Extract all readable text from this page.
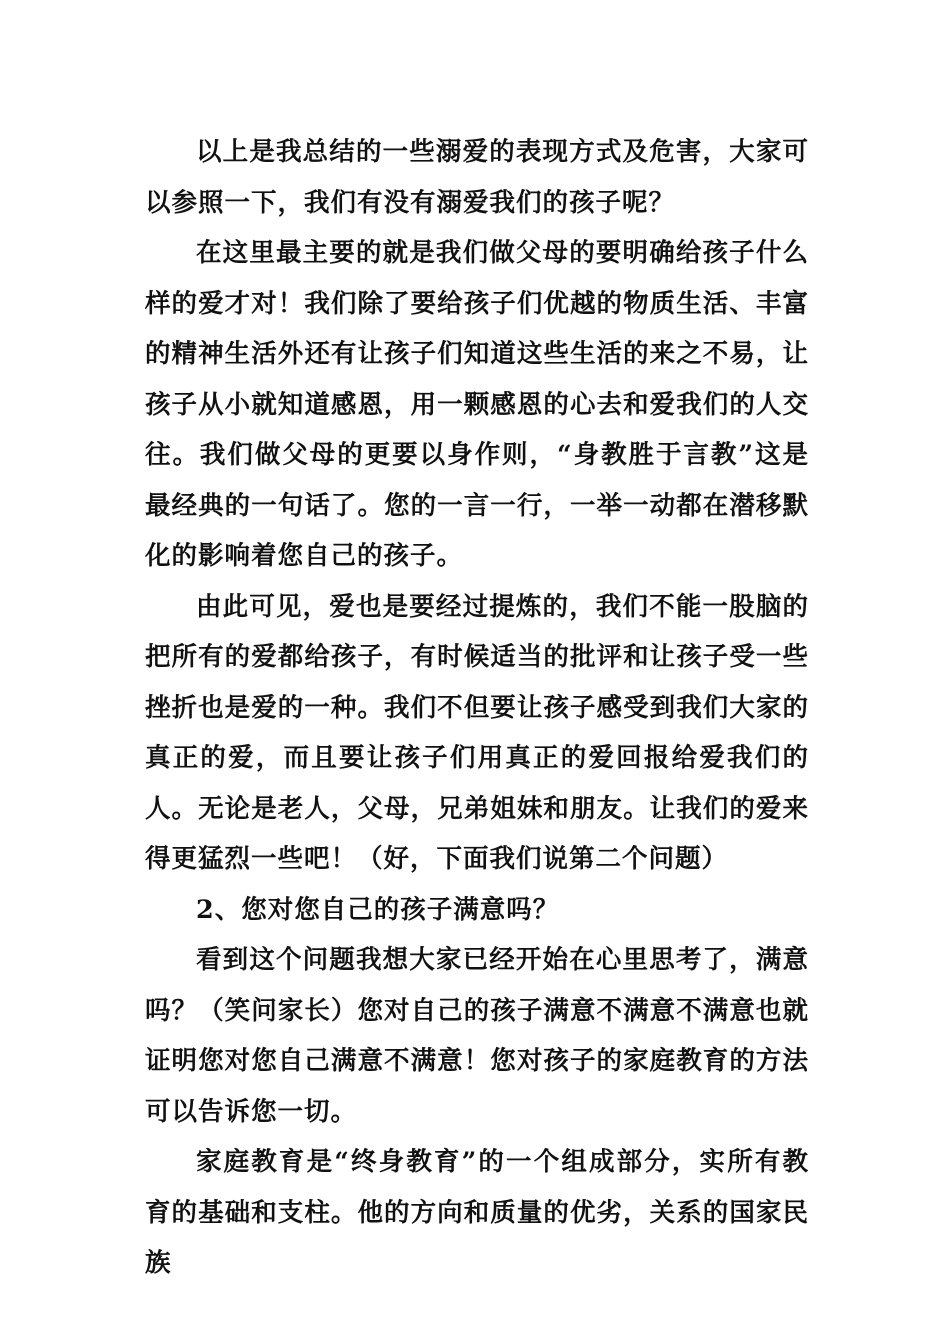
以上是我总结的一些溺爱的表现方式及危害，大家可以参照一下，我们有没有溺爱我们的孩子呢？

在这里最主要的就是我们做父母的要明确给孩子什么样的爱才对！我们除了要给孩子们优越的物质生活、丰富的精神生活外还有让孩子们知道这些生活的来之不易，让孩子从小就知道感恩，用一颗感恩的心去和爱我们的人交往。我们做父母的更要以身作则，“身教胜于言教”这是最经典的一句话了。您的一言一行，一举一动都在潜移默化的影响着您自己的孩子。

由此可见，爱也是要经过提炼的，我们不能一股脑的把所有的爱都给孩子，有时候适当的批评和让孩子受一些挫折也是爱的一种。我们不但要让孩子感受到我们大家的真正的爱，而且要让孩子们用真正的爱回报给爱我们的人。无论是老人，父母，兄弟姐妹和朋友。让我们的爱来得更猛烈一些吧！（好，下面我们说第二个问题）

2、您对您自己的孩子满意吗？

看到这个问题我想大家已经开始在心里思考了，满意吗？（笑问家长）您对自己的孩子满意不满意不满意也就证明您对您自己满意不满意！您对孩子的家庭教育的方法可以告诉您一切。

家庭教育是“终身教育”的一个组成部分，实所有教育的基础和支柱。他的方向和质量的优劣，关系的国家民族
